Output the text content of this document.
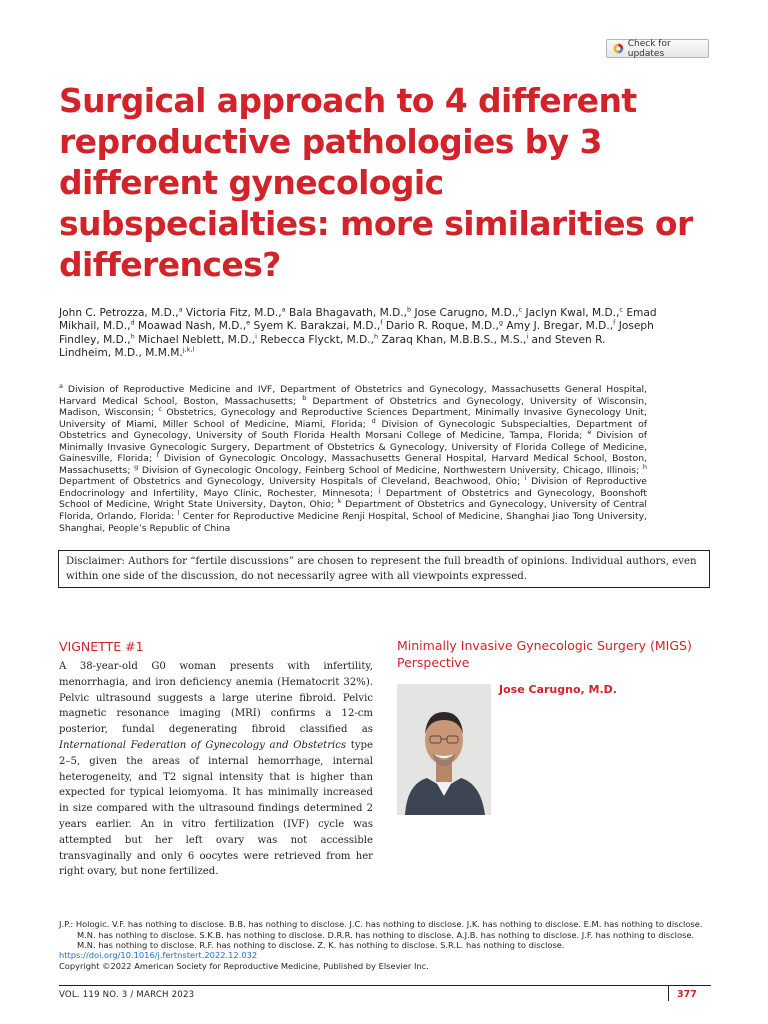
Check for updates
Surgical approach to 4 different reproductive pathologies by 3 different gynecologic subspecialties: more similarities or differences?

John C. Petrozza, M.D.,$^a$ Victoria Fitz, M.D.,$^a$ Bala Bhagavath, M.D.,$^b$ Jose Carugno, M.D.,$^c$ Jaclyn Kwal, M.D.,$^c$ Emad Mikhail, M.D.,$^d$ Moawad Nash, M.D.,$^e$ Syem K. Barakzai, M.D.,$^f$ Dario R. Roque, M.D.,$^g$ Amy J. Bregar, M.D.,$^f$ Joseph Findley, M.D.,$^h$ Michael Neblett, M.D.,$^i$ Rebecca Flyckt, M.D.,$^h$ Zaraq Khan, M.B.B.S., M.S.,$^i$ and Steven R. Lindheim, M.D., M.M.M.$^{j,k,l}$

$^a$ Division of Reproductive Medicine and IVF, Department of Obstetrics and Gynecology, Massachusetts General Hospital, Harvard Medical School, Boston, Massachusetts; $^b$ Department of Obstetrics and Gynecology, University of Wisconsin, Madison, Wisconsin; $^c$ Obstetrics, Gynecology and Reproductive Sciences Department, Minimally Invasive Gynecology Unit, University of Miami, Miller School of Medicine, Miami, Florida; $^d$ Division of Gynecologic Subspecialties, Department of Obstetrics and Gynecology, University of South Florida Health Morsani College of Medicine, Tampa, Florida; $^e$ Division of Minimally Invasive Gynecologic Surgery, Department of Obstetrics & Gynecology, University of Florida College of Medicine, Gainesville, Florida; $^f$ Division of Gynecologic Oncology, Massachusetts General Hospital, Harvard Medical School, Boston, Massachusetts; $^g$ Division of Gynecologic Oncology, Feinberg School of Medicine, Northwestern University, Chicago, Illinois; $^h$ Department of Obstetrics and Gynecology, University Hospitals of Cleveland, Beachwood, Ohio; $^i$ Division of Reproductive Endocrinology and Infertility, Mayo Clinic, Rochester, Minnesota; $^j$ Department of Obstetrics and Gynecology, Boonshoft School of Medicine, Wright State University, Dayton, Ohio; $^k$ Department of Obstetrics and Gynecology, University of Central Florida, Orlando, Florida: $^l$ Center for Reproductive Medicine Renji Hospital, School of Medicine, Shanghai Jiao Tong University, Shanghai, People’s Republic of China

Disclaimer: Authors for “fertile discussions” are chosen to represent the full breadth of opinions. Individual authors, even within one side of the discussion, do not necessarily agree with all viewpoints expressed.
VIGNETTE #1

A 38-year-old G0 woman presents with infertility, menorrhagia, and iron deficiency anemia (Hematocrit 32%). Pelvic ultrasound suggests a large uterine fibroid. Pelvic magnetic resonance imaging (MRI) confirms a 12-cm posterior, fundal degenerating fibroid classified as International Federation of Gynecology and Obstetrics type 2–5, given the areas of internal hemorrhage, internal heterogeneity, and T2 signal intensity that is higher than expected for typical leiomyoma. It has minimally increased in size compared with the ultrasound findings determined 2 years earlier. An in vitro fertilization (IVF) cycle was attempted but her left ovary was not accessible transvaginally and only 6 oocytes were retrieved from her right ovary, but none fertilized.

Minimally Invasive Gynecologic Surgery (MIGS) Perspective

Jose Carugno, M.D.

J.P.: Hologic. V.F. has nothing to disclose. B.B. has nothing to disclose. J.C. has nothing to disclose. J.K. has nothing to disclose. E.M. has nothing to disclose.
M.N. has nothing to disclose. S.K.B. has nothing to disclose. D.R.R. has nothing to disclose. A.J.B. has nothing to disclose. J.F. has nothing to disclose.
M.N. has nothing to disclose. R.F. has nothing to disclose. Z. K. has nothing to disclose. S.R.L. has nothing to disclose.
https://doi.org/10.1016/j.fertnstert.2022.12.032
Copyright ©2022 American Society for Reproductive Medicine, Published by Elsevier Inc.
VOL. 119 NO. 3 / MARCH 2023	377
